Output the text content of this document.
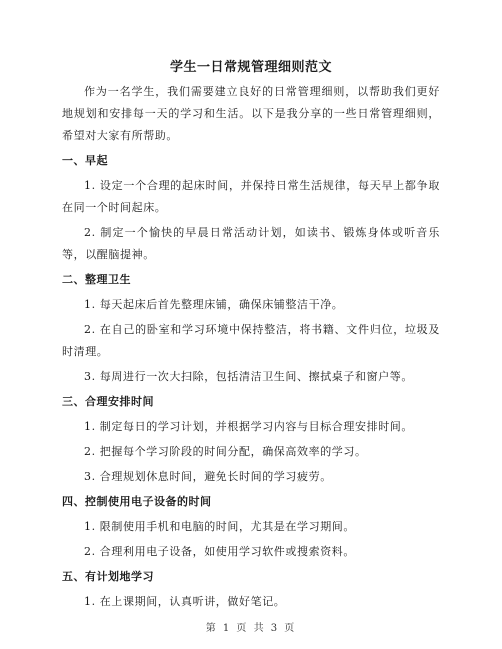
学生一日常规管理细则范文

作为一名学生，我们需要建立良好的日常管理细则，以帮助我们更好地规划和安排每一天的学习和生活。以下是我分享的一些日常管理细则，希望对大家有所帮助。

一、早起

1. 设定一个合理的起床时间，并保持日常生活规律，每天早上都争取在同一个时间起床。

2. 制定一个愉快的早晨日常活动计划，如读书、锻炼身体或听音乐等，以醒脑提神。

二、整理卫生

1. 每天起床后首先整理床铺，确保床铺整洁干净。

2. 在自己的卧室和学习环境中保持整洁，将书籍、文件归位，垃圾及时清理。

3. 每周进行一次大扫除，包括清洁卫生间、擦拭桌子和窗户等。

三、合理安排时间

1. 制定每日的学习计划，并根据学习内容与目标合理安排时间。

2. 把握每个学习阶段的时间分配，确保高效率的学习。

3. 合理规划休息时间，避免长时间的学习疲劳。

四、控制使用电子设备的时间

1. 限制使用手机和电脑的时间，尤其是在学习期间。

2. 合理利用电子设备，如使用学习软件或搜索资料。

五、有计划地学习

1. 在上课期间，认真听讲，做好笔记。

第 1 页 共 3 页
